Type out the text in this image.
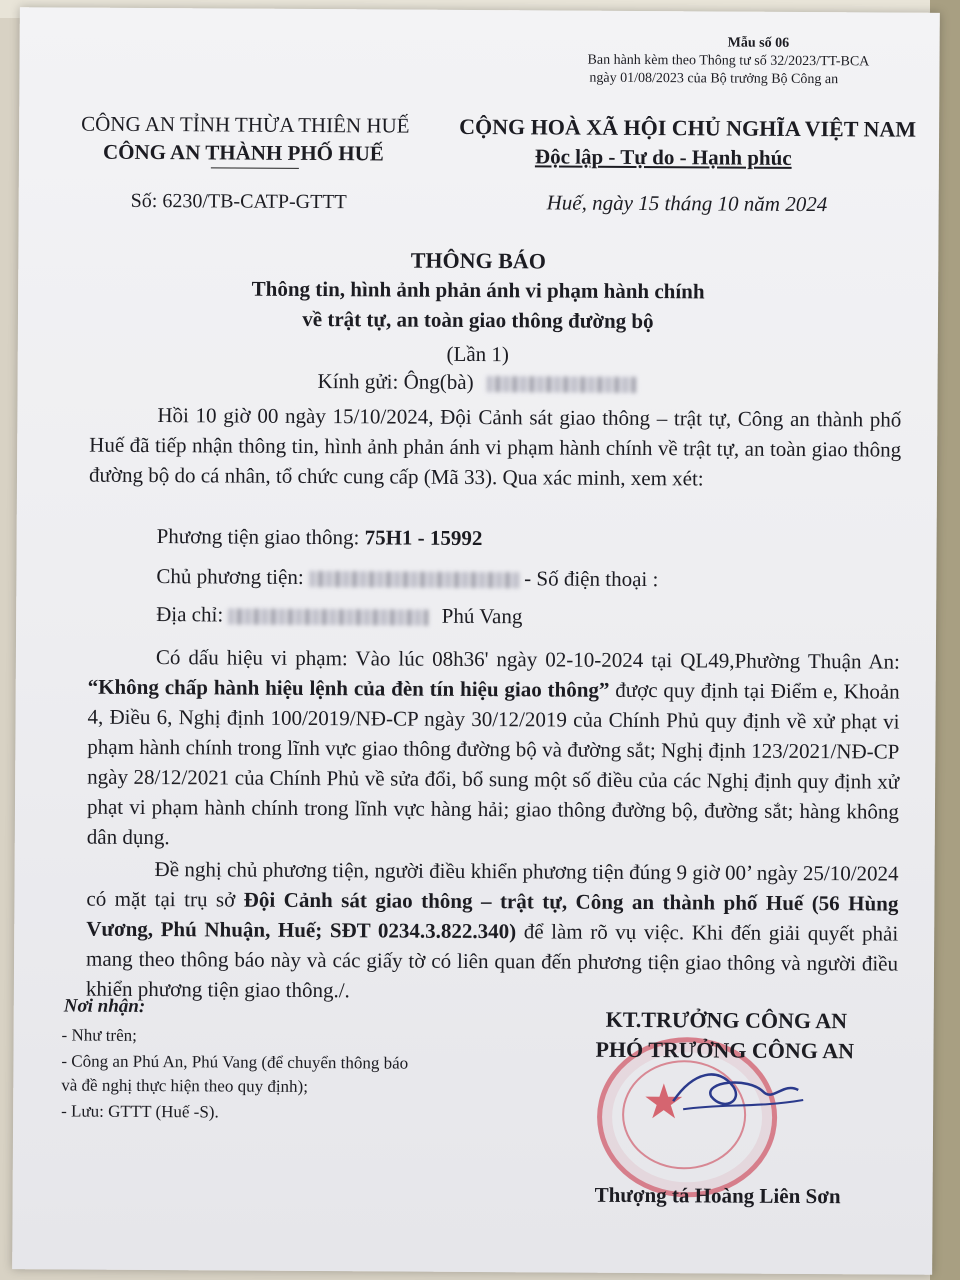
Mẫu số 06
Ban hành kèm theo Thông tư số 32/2023/TT-BCA
ngày 01/08/2023 của Bộ trưởng Bộ Công an
CÔNG AN TỈNH THỪA THIÊN HUẾ
CÔNG AN THÀNH PHỐ HUẾ
Số: 6230/TB-CATP-GTTT
CỘNG HOÀ XÃ HỘI CHỦ NGHĨA VIỆT NAM
Độc lập - Tự do - Hạnh phúc
Huế, ngày 15 tháng 10 năm 2024
THÔNG BÁO
Thông tin, hình ảnh phản ánh vi phạm hành chính
về trật tự, an toàn giao thông đường bộ
(Lần 1)
Kính gửi: Ông(bà)
Hồi 10 giờ 00 ngày 15/10/2024, Đội Cảnh sát giao thông – trật tự, Công an thành phố Huế đã tiếp nhận thông tin, hình ảnh phản ánh vi phạm hành chính về trật tự, an toàn giao thông đường bộ do cá nhân, tổ chức cung cấp (Mã 33). Qua xác minh, xem xét:
Phương tiện giao thông: 75H1 - 15992
Chủ phương tiện:	- Số điện thoại :
Địa chỉ:	Phú Vang
Có dấu hiệu vi phạm: Vào lúc 08h36' ngày 02-10-2024 tại QL49,Phường Thuận An: “Không chấp hành hiệu lệnh của đèn tín hiệu giao thông” được quy định tại Điểm e, Khoản 4, Điều 6, Nghị định 100/2019/NĐ-CP ngày 30/12/2019 của Chính Phủ quy định về xử phạt vi phạm hành chính trong lĩnh vực giao thông đường bộ và đường sắt; Nghị định 123/2021/NĐ-CP ngày 28/12/2021 của Chính Phủ về sửa đổi, bổ sung một số điều của các Nghị định quy định xử phạt vi phạm hành chính trong lĩnh vực hàng hải; giao thông đường bộ, đường sắt; hàng không dân dụng.
Đề nghị chủ phương tiện, người điều khiển phương tiện đúng 9 giờ 00’ ngày 25/10/2024 có mặt tại trụ sở Đội Cảnh sát giao thông – trật tự, Công an thành phố Huế (56 Hùng Vương, Phú Nhuận, Huế; SĐT 0234.3.822.340) để làm rõ vụ việc. Khi đến giải quyết phải mang theo thông báo này và các giấy tờ có liên quan đến phương tiện giao thông và người điều khiển phương tiện giao thông./.
Nơi nhận:
- Như trên;
- Công an Phú An, Phú Vang (để chuyển thông báo
và đề nghị thực hiện theo quy định);
- Lưu: GTTT (Huế -S).	★
KT.TRƯỞNG CÔNG AN
PHÓ TRƯỞNG CÔNG AN
Thượng tá Hoàng Liên Sơn
